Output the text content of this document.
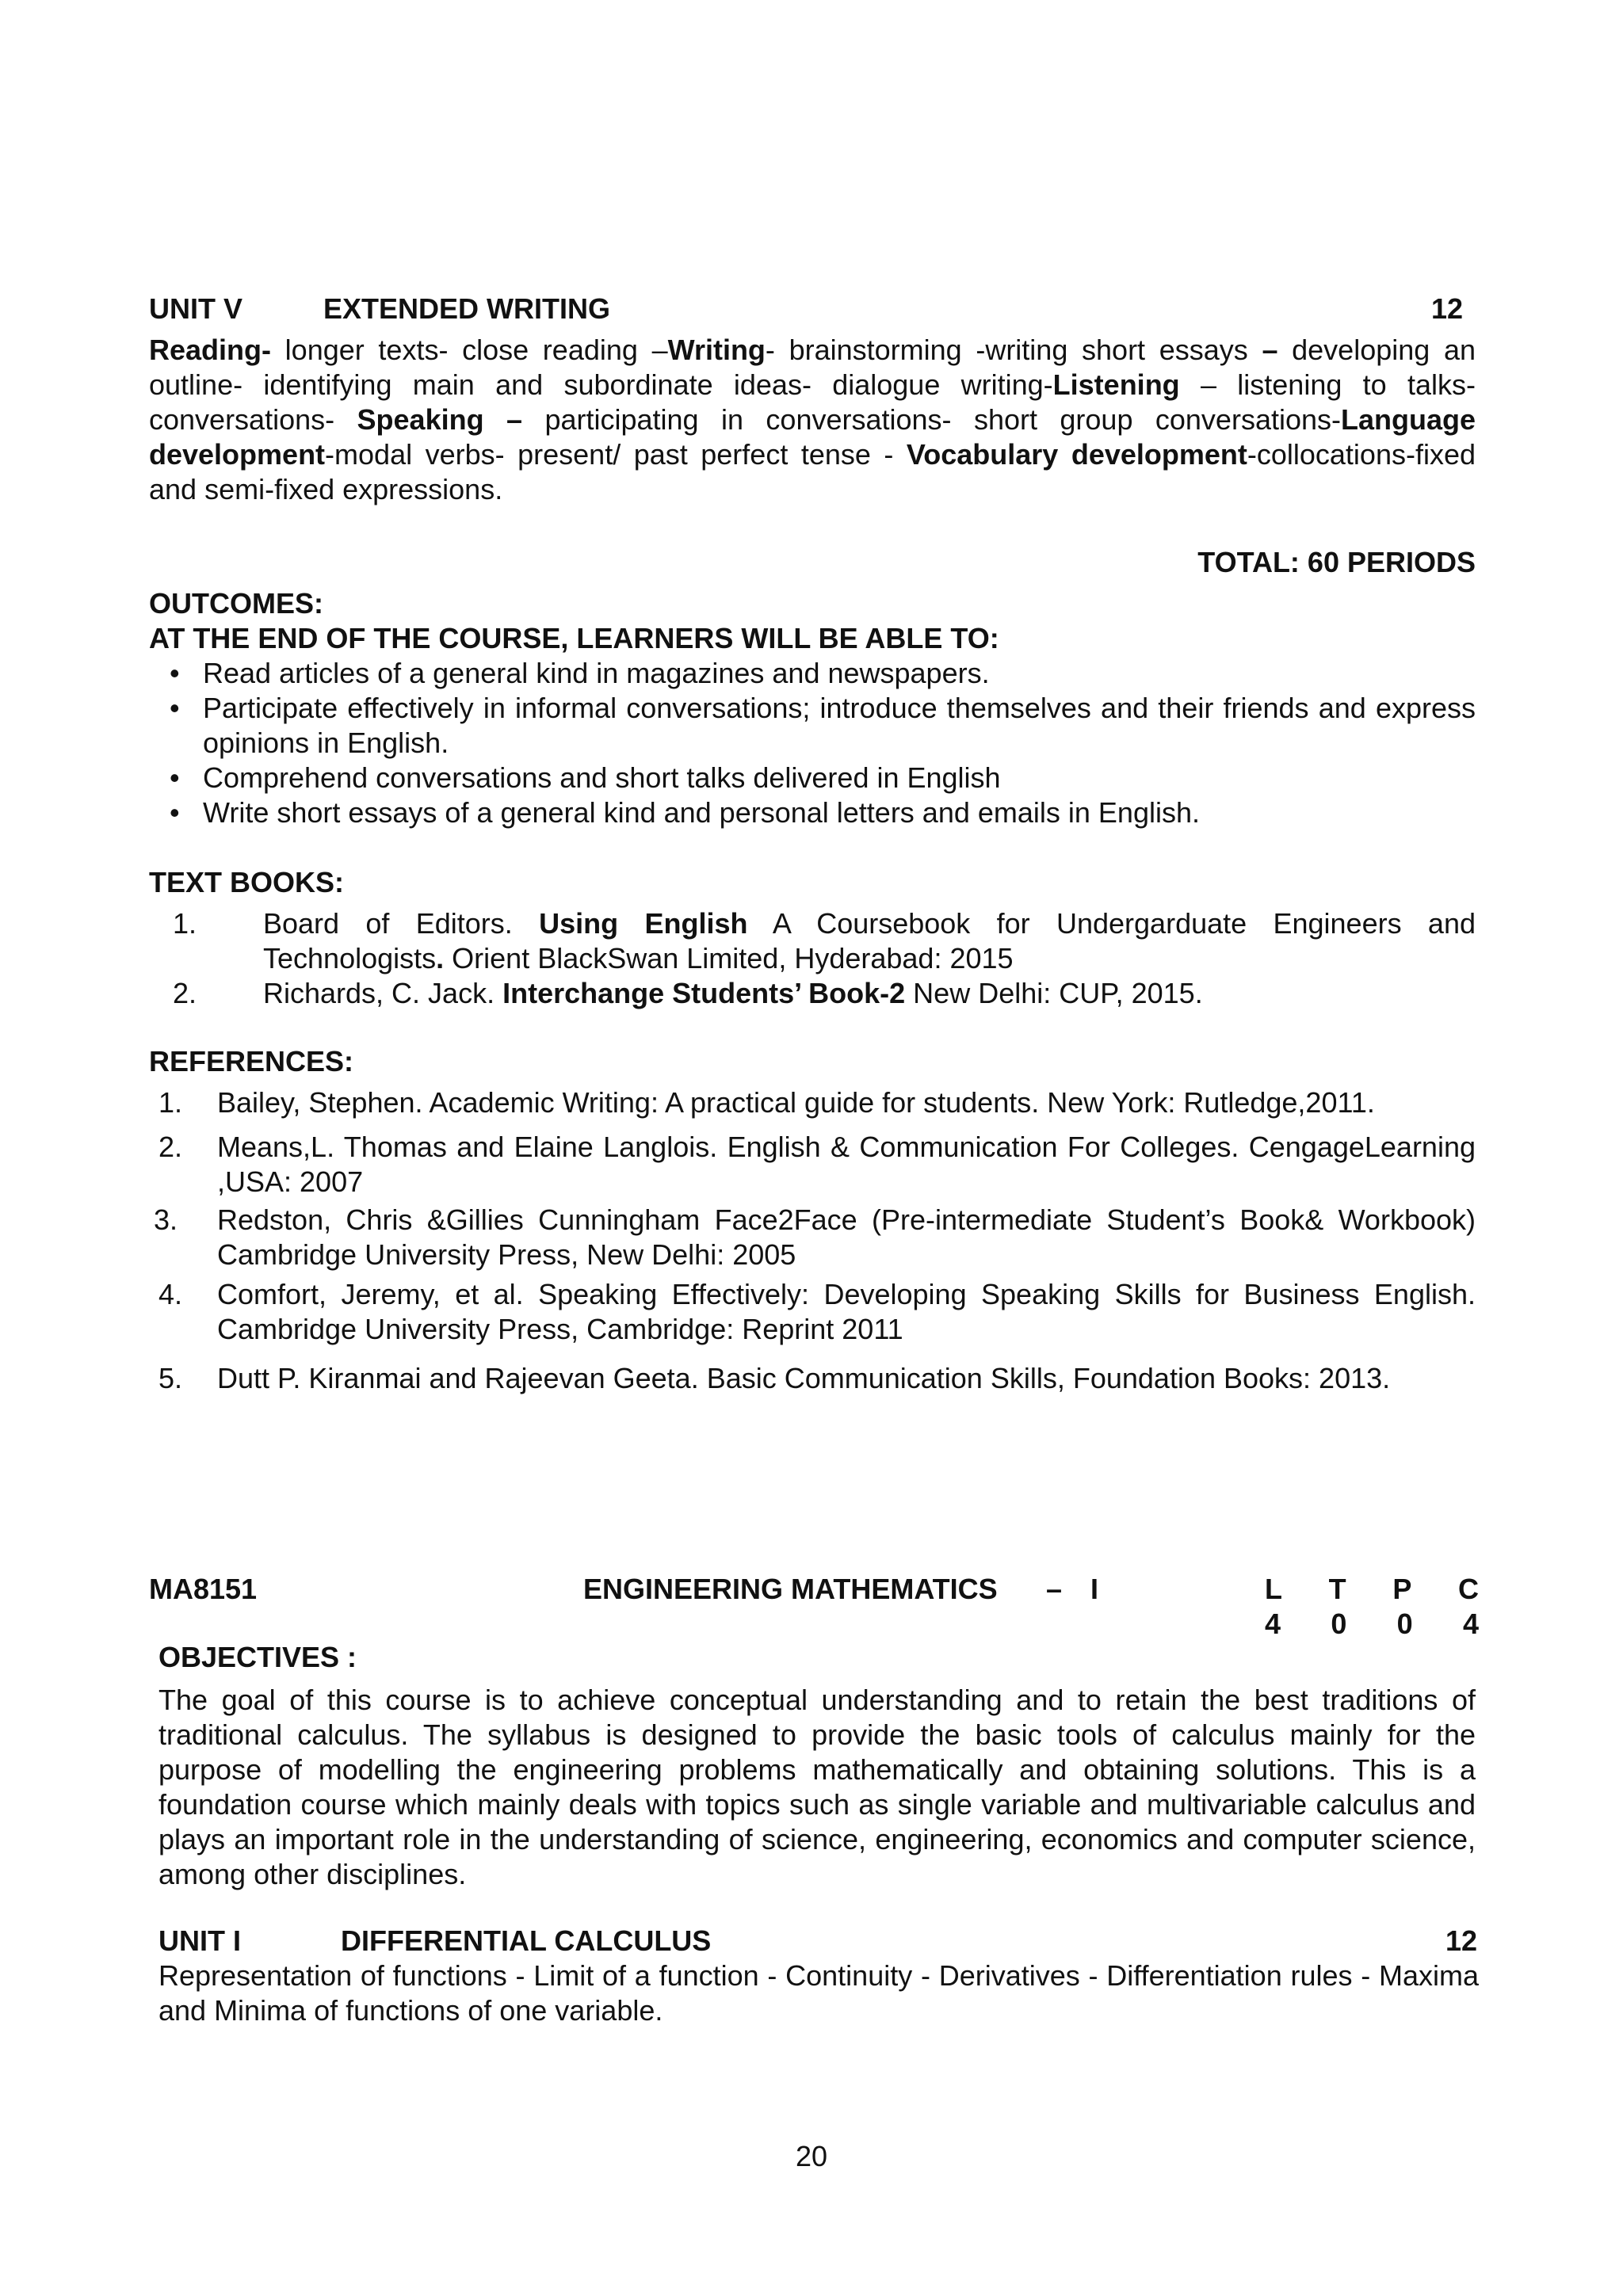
UNIT V	EXTENDED WRITING	12
Reading- longer texts- close reading –Writing- brainstorming -writing short essays – developing an outline- identifying main and subordinate ideas- dialogue writing-Listening – listening to talks-conversations- Speaking – participating in conversations- short group conversations-Language development-modal verbs- present/ past perfect tense - Vocabulary development-collocations-fixed and semi-fixed expressions.
TOTAL: 60 PERIODS
OUTCOMES:
AT THE END OF THE COURSE, LEARNERS WILL BE ABLE TO:
• Read articles of a general kind in magazines and newspapers.
• Participate effectively in informal conversations; introduce themselves and their friends and express opinions in English.
• Comprehend conversations and short talks delivered in English
• Write short essays of a general kind and personal letters and emails in English.
TEXT BOOKS:
1. Board of Editors. Using English A Coursebook for Undergarduate Engineers and Technologists. Orient BlackSwan Limited, Hyderabad: 2015
2. Richards, C. Jack. Interchange Students’ Book-2 New Delhi: CUP, 2015.
REFERENCES:
1. Bailey, Stephen. Academic Writing: A practical guide for students. New York: Rutledge,2011.
2. Means,L. Thomas and Elaine Langlois. English & Communication For Colleges. CengageLearning ,USA: 2007
3. Redston, Chris &Gillies Cunningham Face2Face (Pre-intermediate Student’s Book& Workbook) Cambridge University Press, New Delhi: 2005
4. Comfort, Jeremy, et al. Speaking Effectively: Developing Speaking Skills for Business English. Cambridge University Press, Cambridge: Reprint 2011
5. Dutt P. Kiranmai and Rajeevan Geeta. Basic Communication Skills, Foundation Books: 2013.
MA8151	ENGINEERING MATHEMATICS – I	L T P C
4 0 0 4
OBJECTIVES :
The goal of this course is to achieve conceptual understanding and to retain the best traditions of traditional calculus. The syllabus is designed to provide the basic tools of calculus mainly for the purpose of modelling the engineering problems mathematically and obtaining solutions. This is a foundation course which mainly deals with topics such as single variable and multivariable calculus and plays an important role in the understanding of science, engineering, economics and computer science, among other disciplines.
UNIT I	DIFFERENTIAL CALCULUS	12
Representation of functions - Limit of a function - Continuity - Derivatives - Differentiation rules - Maxima and Minima of functions of one variable.
20
